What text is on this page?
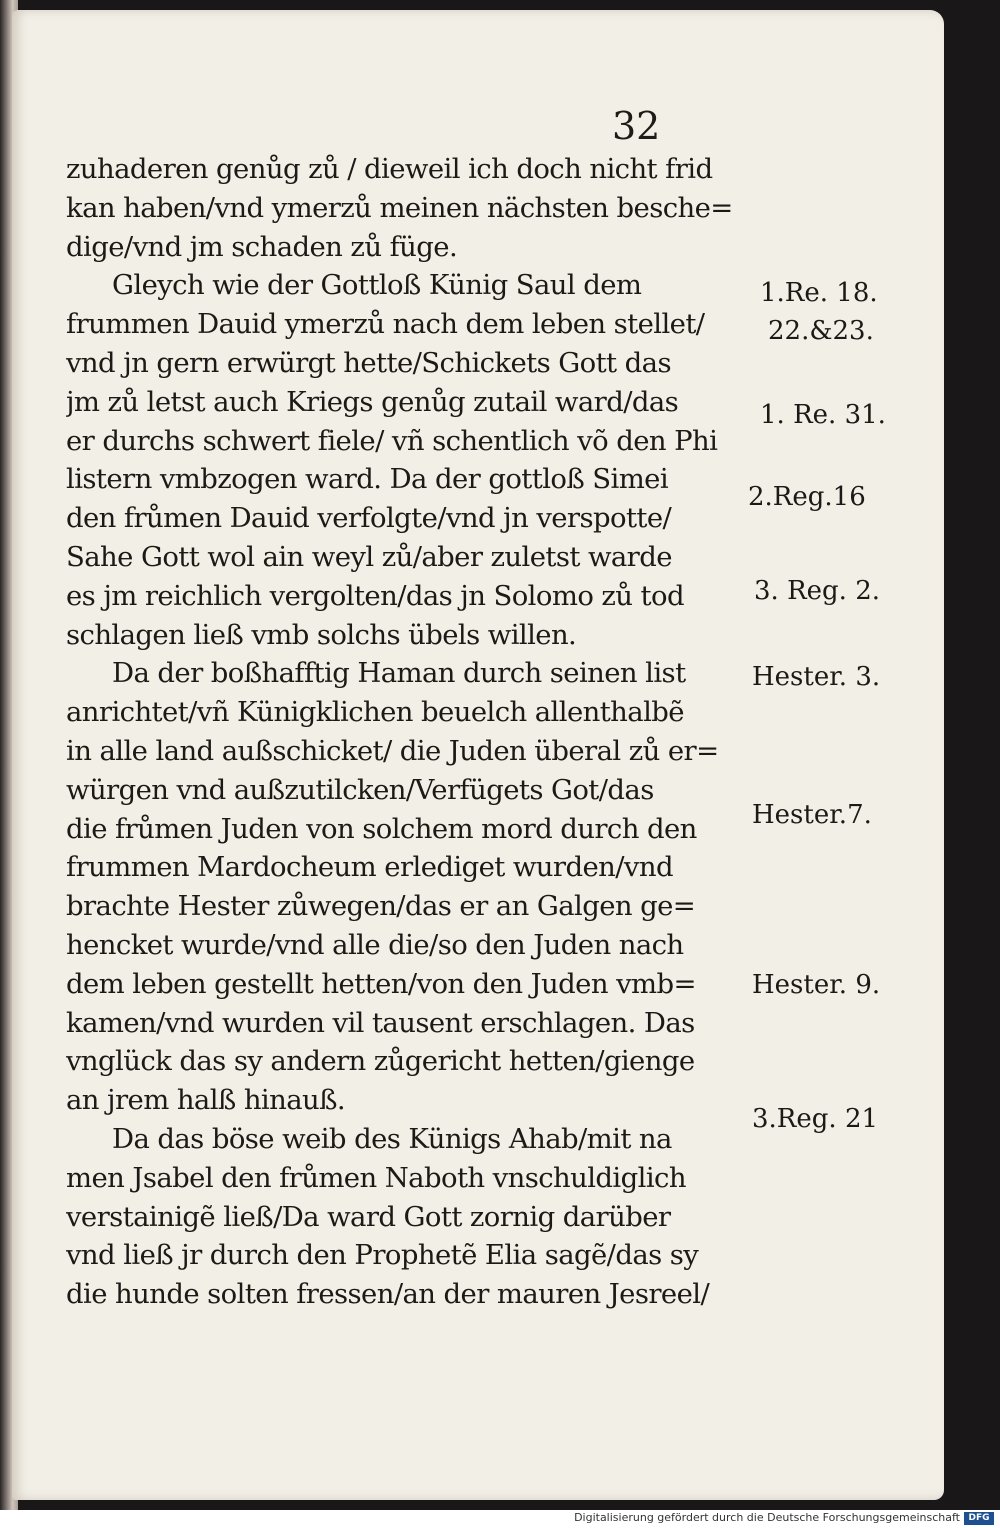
32
zuhaderen genůg zů / dieweil ich doch nicht frid
kan haben/vnd ymerzů meinen nächsten besche=
dige/vnd jm schaden zů füge.
Gleych wie der Gottloß Künig Saul dem
frummen Dauid ymerzů nach dem leben stellet/
vnd jn gern erwürgt hette/Schickets Gott das
jm zů letst auch Kriegs genůg zutail ward/das
er durchs schwert fiele/ vñ schentlich võ den Phi
listern vmbzogen ward. Da der gottloß Simei
den frůmen Dauid verfolgte/vnd jn verspotte/
Sahe Gott wol ain weyl zů/aber zuletst warde
es jm reichlich vergolten/das jn Solomo zů tod
schlagen ließ vmb solchs übels willen.
Da der boßhafftig Haman durch seinen list
anrichtet/vñ Künigklichen beuelch allenthalbẽ
in alle land außschicket/ die Juden überal zů er=
würgen vnd außzutilcken/Verfügets Got/das
die frůmen Juden von solchem mord durch den
frummen Mardocheum erlediget wurden/vnd
brachte Hester zůwegen/das er an Galgen ge=
hencket wurde/vnd alle die/so den Juden nach
dem leben gestellt hetten/von den Juden vmb=
kamen/vnd wurden vil tausent erschlagen. Das
vnglück das sy andern zůgericht hetten/gienge
an jrem halß hinauß.
Da das böse weib des Künigs Ahab/mit na
men Jsabel den frůmen Naboth vnschuldiglich
verstainigẽ ließ/Da ward Gott zornig darüber
vnd ließ jr durch den Prophetẽ Elia sagẽ/das sy
die hunde solten fressen/an der mauren Jesreel/
1.Re. 18.
22.&23.
1. Re. 31.
2.Reg.16
3. Reg. 2.
Hester. 3.
Hester.7.
Hester. 9.
3.Reg. 21
Digitalisierung gefördert durch die Deutsche Forschungsgemeinschaft DFG
